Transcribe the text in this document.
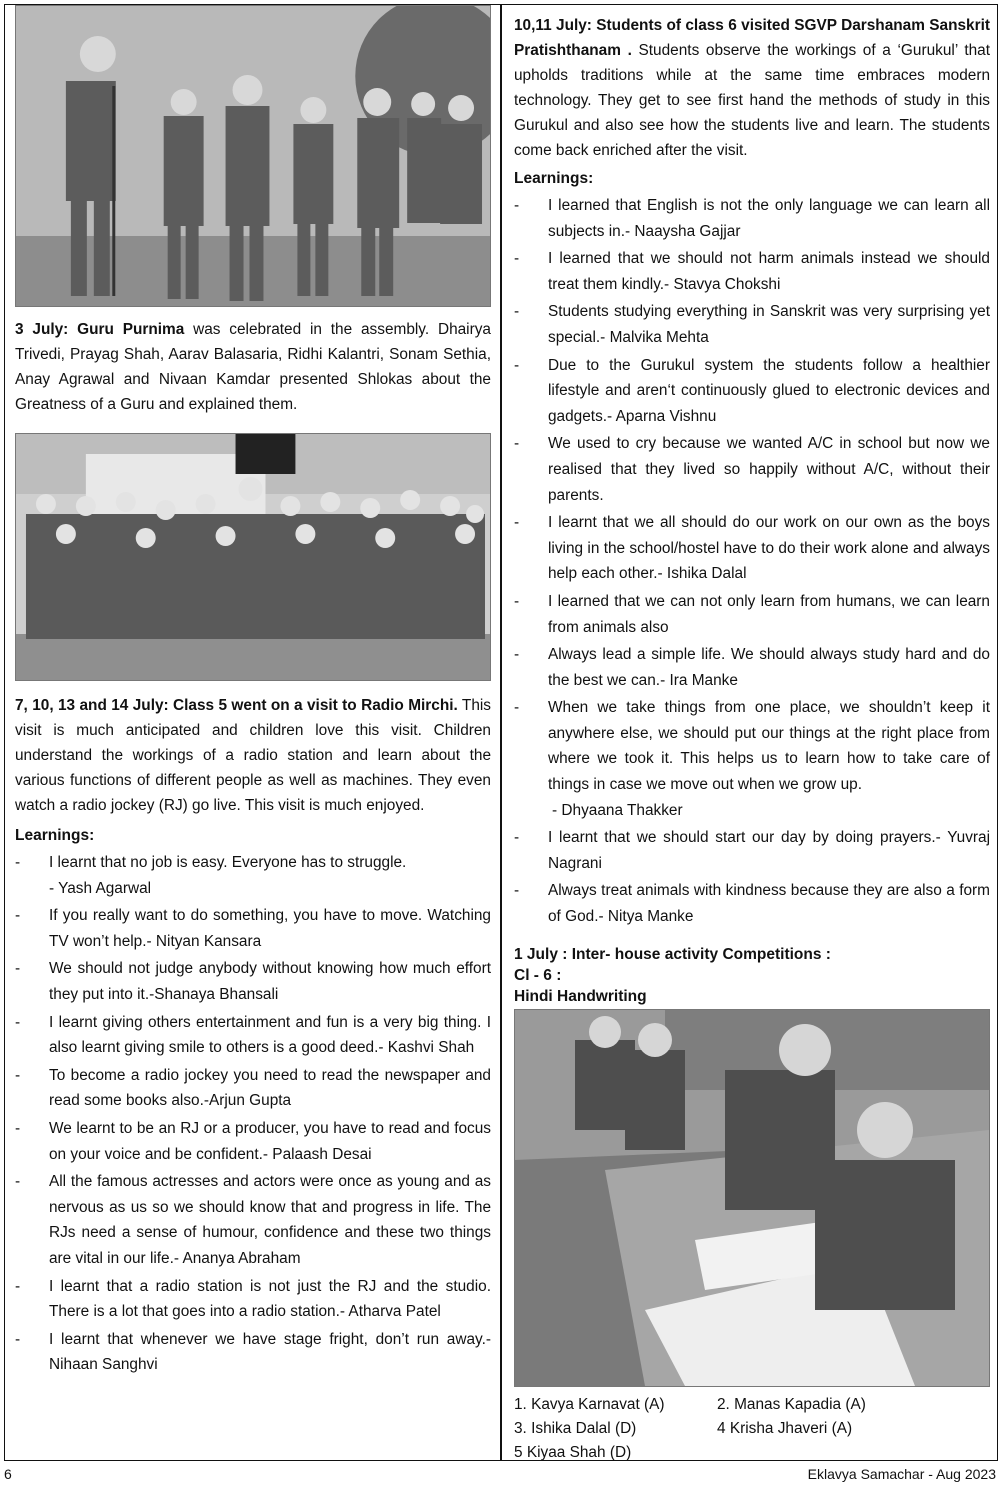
3 July: Guru Purnima was celebrated in the assembly. Dhairya Trivedi, Prayag Shah, Aarav Balasaria, Ridhi Kalantri, Sonam Sethia, Anay Agrawal and Nivaan Kamdar presented Shlokas about the Greatness of a Guru and explained them.

7, 10, 13 and 14 July: Class 5 went on a visit to Radio Mirchi. This visit is much anticipated and children love this visit. Children understand the workings of a radio station and learn about the various functions of different people as well as machines. They even watch a radio jockey (RJ) go live. This visit is much enjoyed.

Learnings:

- I learnt that no job is easy. Everyone has to struggle.
- Yash Agarwal
- If you really want to do something, you have to move. Watching TV won’t help.- Nityan Kansara
- We should not judge anybody without knowing how much effort they put into it.-Shanaya Bhansali
- I learnt giving others entertainment and fun is a very big thing. I also learnt giving smile to others is a good deed.- Kashvi Shah
- To become a radio jockey you need to read the newspaper and read some books also.-Arjun Gupta
- We learnt to be an RJ or a producer, you have to read and focus on your voice and be confident.- Palaash Desai
- All the famous actresses and actors were once as young and as nervous as us so we should know that and progress in life. The RJs need a sense of humour, confidence and these two things are vital in our life.- Ananya Abraham
- I learnt that a radio station is not just the RJ and the studio. There is a lot that goes into a radio station.- Atharva Patel
- I learnt that whenever we have stage fright, don’t run away.- Nihaan Sanghvi

10,11 July: Students of class 6 visited SGVP Darshanam Sanskrit Pratishthanam . Students observe the workings of a ‘Gurukul’ that upholds traditions while at the same time embraces modern technology. They get to see first hand the methods of study in this Gurukul and also see how the students live and learn. The students come back enriched after the visit.

Learnings:

- I learned that English is not the only language we can learn all subjects in.- Naaysha Gajjar
- I learned that we should not harm animals instead we should treat them kindly.- Stavya Chokshi
- Students studying everything in Sanskrit was very surprising yet special.- Malvika Mehta
- Due to the Gurukul system the students follow a healthier lifestyle and aren‘t continuously glued to electronic devices and gadgets.- Aparna Vishnu
- We used to cry because we wanted A/C in school but now we realised that they lived so happily without A/C, without their parents.
- I learnt that we all should do our work on our own as the boys living in the school/hostel have to do their work alone and always help each other.- Ishika Dalal
- I learned that we can not only learn from humans, we can learn from animals also
- Always lead a simple life. We should always study hard and do the best we can.- Ira Manke
- When we take things from one place, we shouldn’t keep it anywhere else, we should put our things at the right place from where we took it. This helps us to learn how to take care of things in case we move out when we grow up.
- Dhyaana Thakker
- I learnt that we should start our day by doing prayers.- Yuvraj Nagrani
- Always treat animals with kindness because they are also a form of God.- Nitya Manke

1 July : Inter- house activity Competitions :

Cl - 6 :

Hindi Handwriting

1. Kavya Karnavat (A)	2. Manas Kapadia (A)
3. Ishika Dalal (D)	4 Krisha Jhaveri (A)
5 Kiyaa Shah (D)
6	Eklavya Samachar - Aug 2023
